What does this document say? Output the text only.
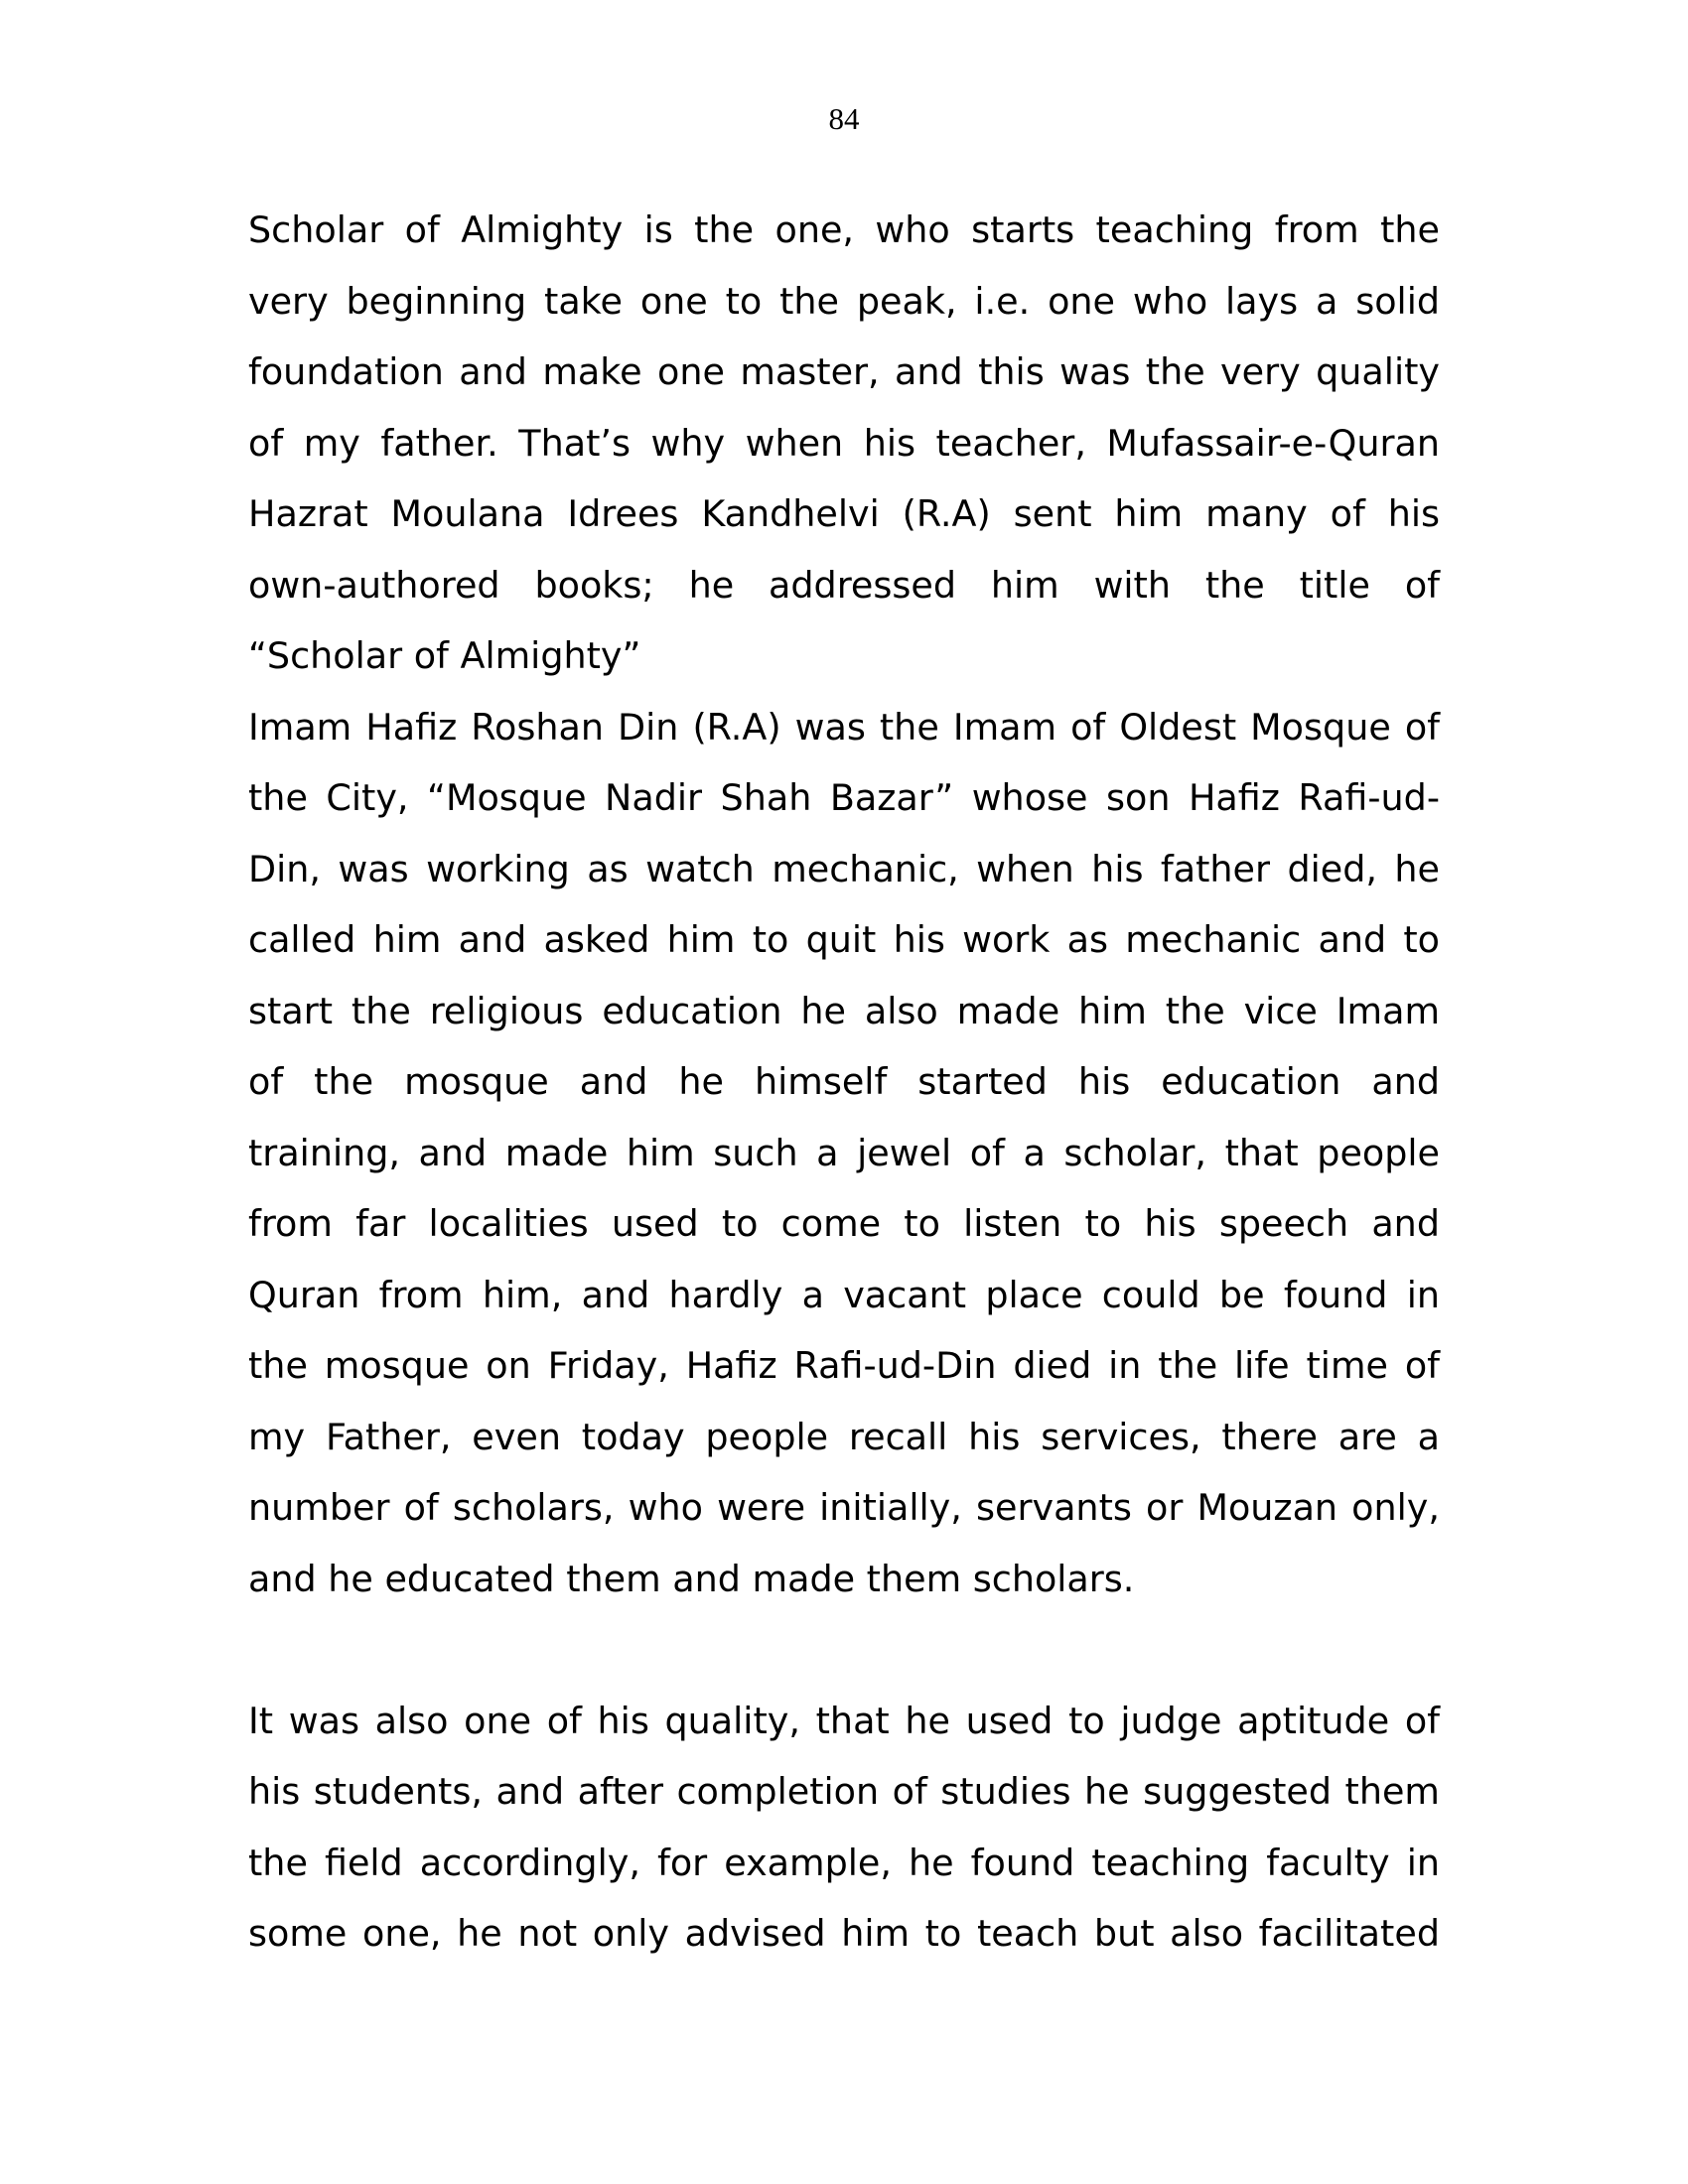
84
Scholar of Almighty is the one, who starts teaching from the
very beginning take one to the peak, i.e. one who lays a solid
foundation and make one master, and this was the very quality
of my father. That’s why when his teacher, Mufassair-e-Quran
Hazrat Moulana Idrees Kandhelvi (R.A) sent him many of his
own-authored books; he addressed him with the title of
“Scholar of Almighty”
Imam Hafiz Roshan Din (R.A) was the Imam of Oldest Mosque of
the City, “Mosque Nadir Shah Bazar” whose son Hafiz Rafi-ud-
Din, was working as watch mechanic, when his father died, he
called him and asked him to quit his work as mechanic and to
start the religious education he also made him the vice Imam
of the mosque and he himself started his education and
training, and made him such a jewel of a scholar, that people
from far localities used to come to listen to his speech and
Quran from him, and hardly a vacant place could be found in
the mosque on Friday, Hafiz Rafi-ud-Din died in the life time of
my Father, even today people recall his services, there are a
number of scholars, who were initially, servants or Mouzan only,
and he educated them and made them scholars.
It was also one of his quality, that he used to judge aptitude of
his students, and after completion of studies he suggested them
the field accordingly, for example, he found teaching faculty in
some one, he not only advised him to teach but also facilitated
